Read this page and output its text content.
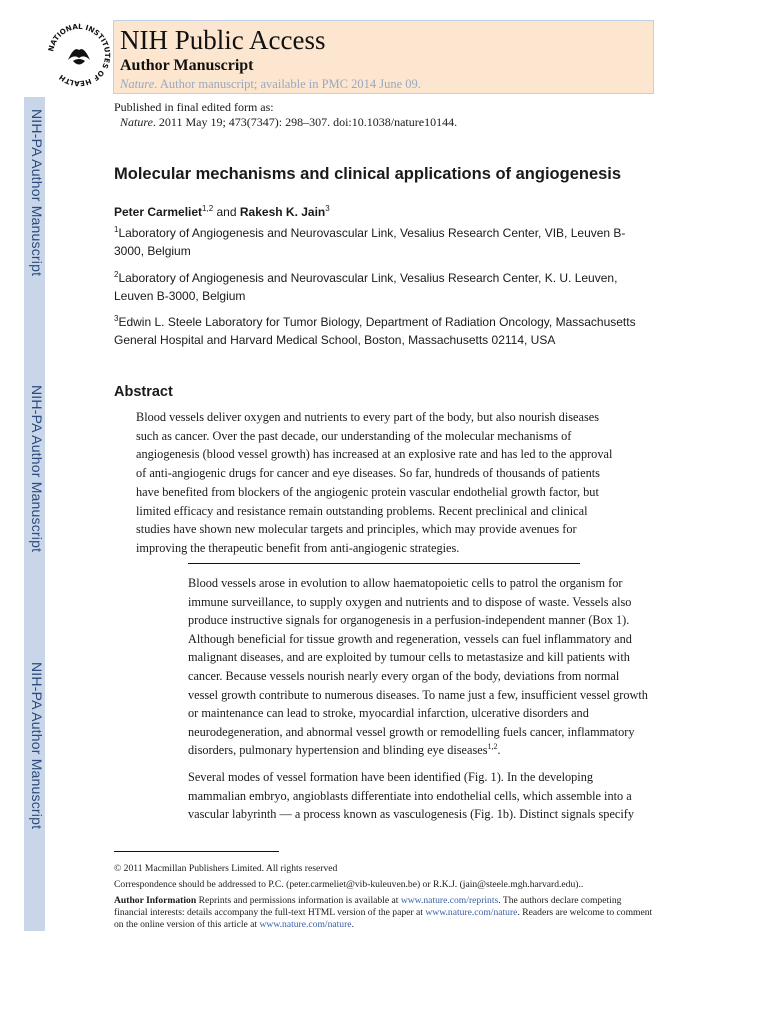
NIH-PA Author Manuscript
NIH-PA Author Manuscript
NIH-PA Author Manuscript
NATIONAL INSTITUTES OF HEALTH
NIH Public Access
Author Manuscript
Nature. Author manuscript; available in PMC 2014 June 09.
Published in final edited form as:
Nature. 2011 May 19; 473(7347): 298–307. doi:10.1038/nature10144.
Molecular mechanisms and clinical applications of angiogenesis
Peter Carmeliet$^{1,2}$ and Rakesh K. Jain$^3$
$^1$Laboratory of Angiogenesis and Neurovascular Link, Vesalius Research Center, VIB, Leuven B-3000, Belgium
$^2$Laboratory of Angiogenesis and Neurovascular Link, Vesalius Research Center, K. U. Leuven, Leuven B-3000, Belgium
$^3$Edwin L. Steele Laboratory for Tumor Biology, Department of Radiation Oncology, Massachusetts General Hospital and Harvard Medical School, Boston, Massachusetts 02114, USA
Abstract
Blood vessels deliver oxygen and nutrients to every part of the body, but also nourish diseases such as cancer. Over the past decade, our understanding of the molecular mechanisms of angiogenesis (blood vessel growth) has increased at an explosive rate and has led to the approval of anti-angiogenic drugs for cancer and eye diseases. So far, hundreds of thousands of patients have benefited from blockers of the angiogenic protein vascular endothelial growth factor, but limited efficacy and resistance remain outstanding problems. Recent preclinical and clinical studies have shown new molecular targets and principles, which may provide avenues for improving the therapeutic benefit from anti-angiogenic strategies.
Blood vessels arose in evolution to allow haematopoietic cells to patrol the organism for immune surveillance, to supply oxygen and nutrients and to dispose of waste. Vessels also produce instructive signals for organogenesis in a perfusion-independent manner (Box 1). Although beneficial for tissue growth and regeneration, vessels can fuel inflammatory and malignant diseases, and are exploited by tumour cells to metastasize and kill patients with cancer. Because vessels nourish nearly every organ of the body, deviations from normal vessel growth contribute to numerous diseases. To name just a few, insufficient vessel growth or maintenance can lead to stroke, myocardial infarction, ulcerative disorders and neurodegeneration, and abnormal vessel growth or remodelling fuels cancer, inflammatory disorders, pulmonary hypertension and blinding eye diseases$^{1,2}$.
Several modes of vessel formation have been identified (Fig. 1). In the developing mammalian embryo, angioblasts differentiate into endothelial cells, which assemble into a vascular labyrinth — a process known as vasculogenesis (Fig. 1b). Distinct signals specify
© 2011 Macmillan Publishers Limited. All rights reserved
Correspondence should be addressed to P.C. (peter.carmeliet@vib-kuleuven.be) or R.K.J. (jain@steele.mgh.harvard.edu)..
Author Information Reprints and permissions information is available at www.nature.com/reprints. The authors declare competing financial interests: details accompany the full-text HTML version of the paper at www.nature.com/nature. Readers are welcome to comment on the online version of this article at www.nature.com/nature.
